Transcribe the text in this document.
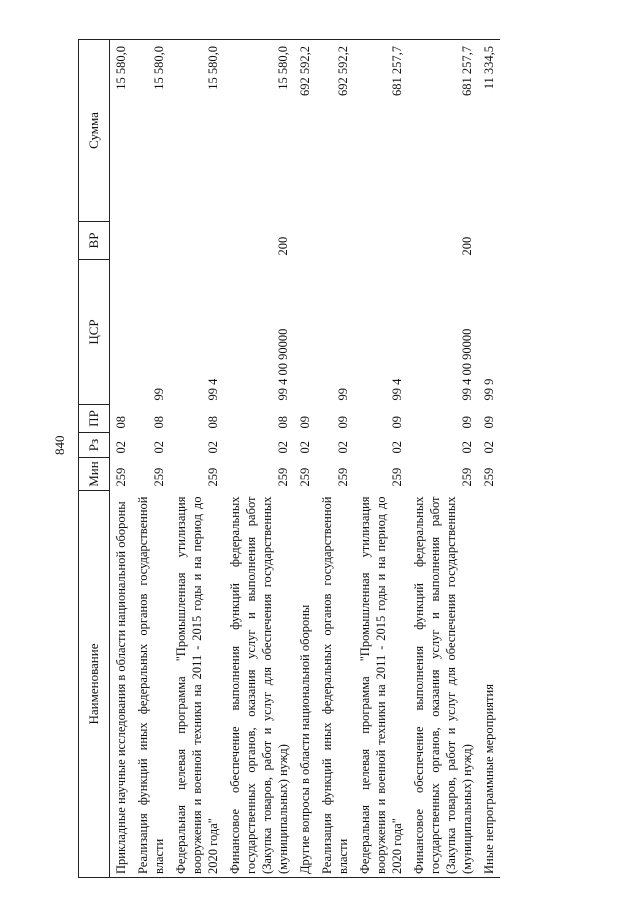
840
Наименование	Мин	Рз	ПР	ЦСР	ВР	Сумма
Прикладные научные исследования в области национальной обороны	259	02	08			15 580,0
Реализация функций иных федеральных органов государственной власти	259	02	08	99		15 580,0
Федеральная целевая программа "Промышленная утилизация вооружения и военной техники на 2011 - 2015 годы и на период до 2020 года"	259	02	08	99 4		15 580,0
Финансовое обеспечение выполнения функций федеральных государственных органов, оказания услуг и выполнения работ (Закупка товаров, работ и услуг для обеспечения государственных (муниципальных) нужд)	259	02	08	99 4 00 90000	200	15 580,0
Другие вопросы в области национальной обороны	259	02	09			692 592,2
Реализация функций иных федеральных органов государственной власти	259	02	09	99		692 592,2
Федеральная целевая программа "Промышленная утилизация вооружения и военной техники на 2011 - 2015 годы и на период до 2020 года"	259	02	09	99 4		681 257,7
Финансовое обеспечение выполнения функций федеральных государственных органов, оказания услуг и выполнения работ (Закупка товаров, работ и услуг для обеспечения государственных (муниципальных) нужд)	259	02	09	99 4 00 90000	200	681 257,7
Иные непрограммные мероприятия	259	02	09	99 9		11 334,5
